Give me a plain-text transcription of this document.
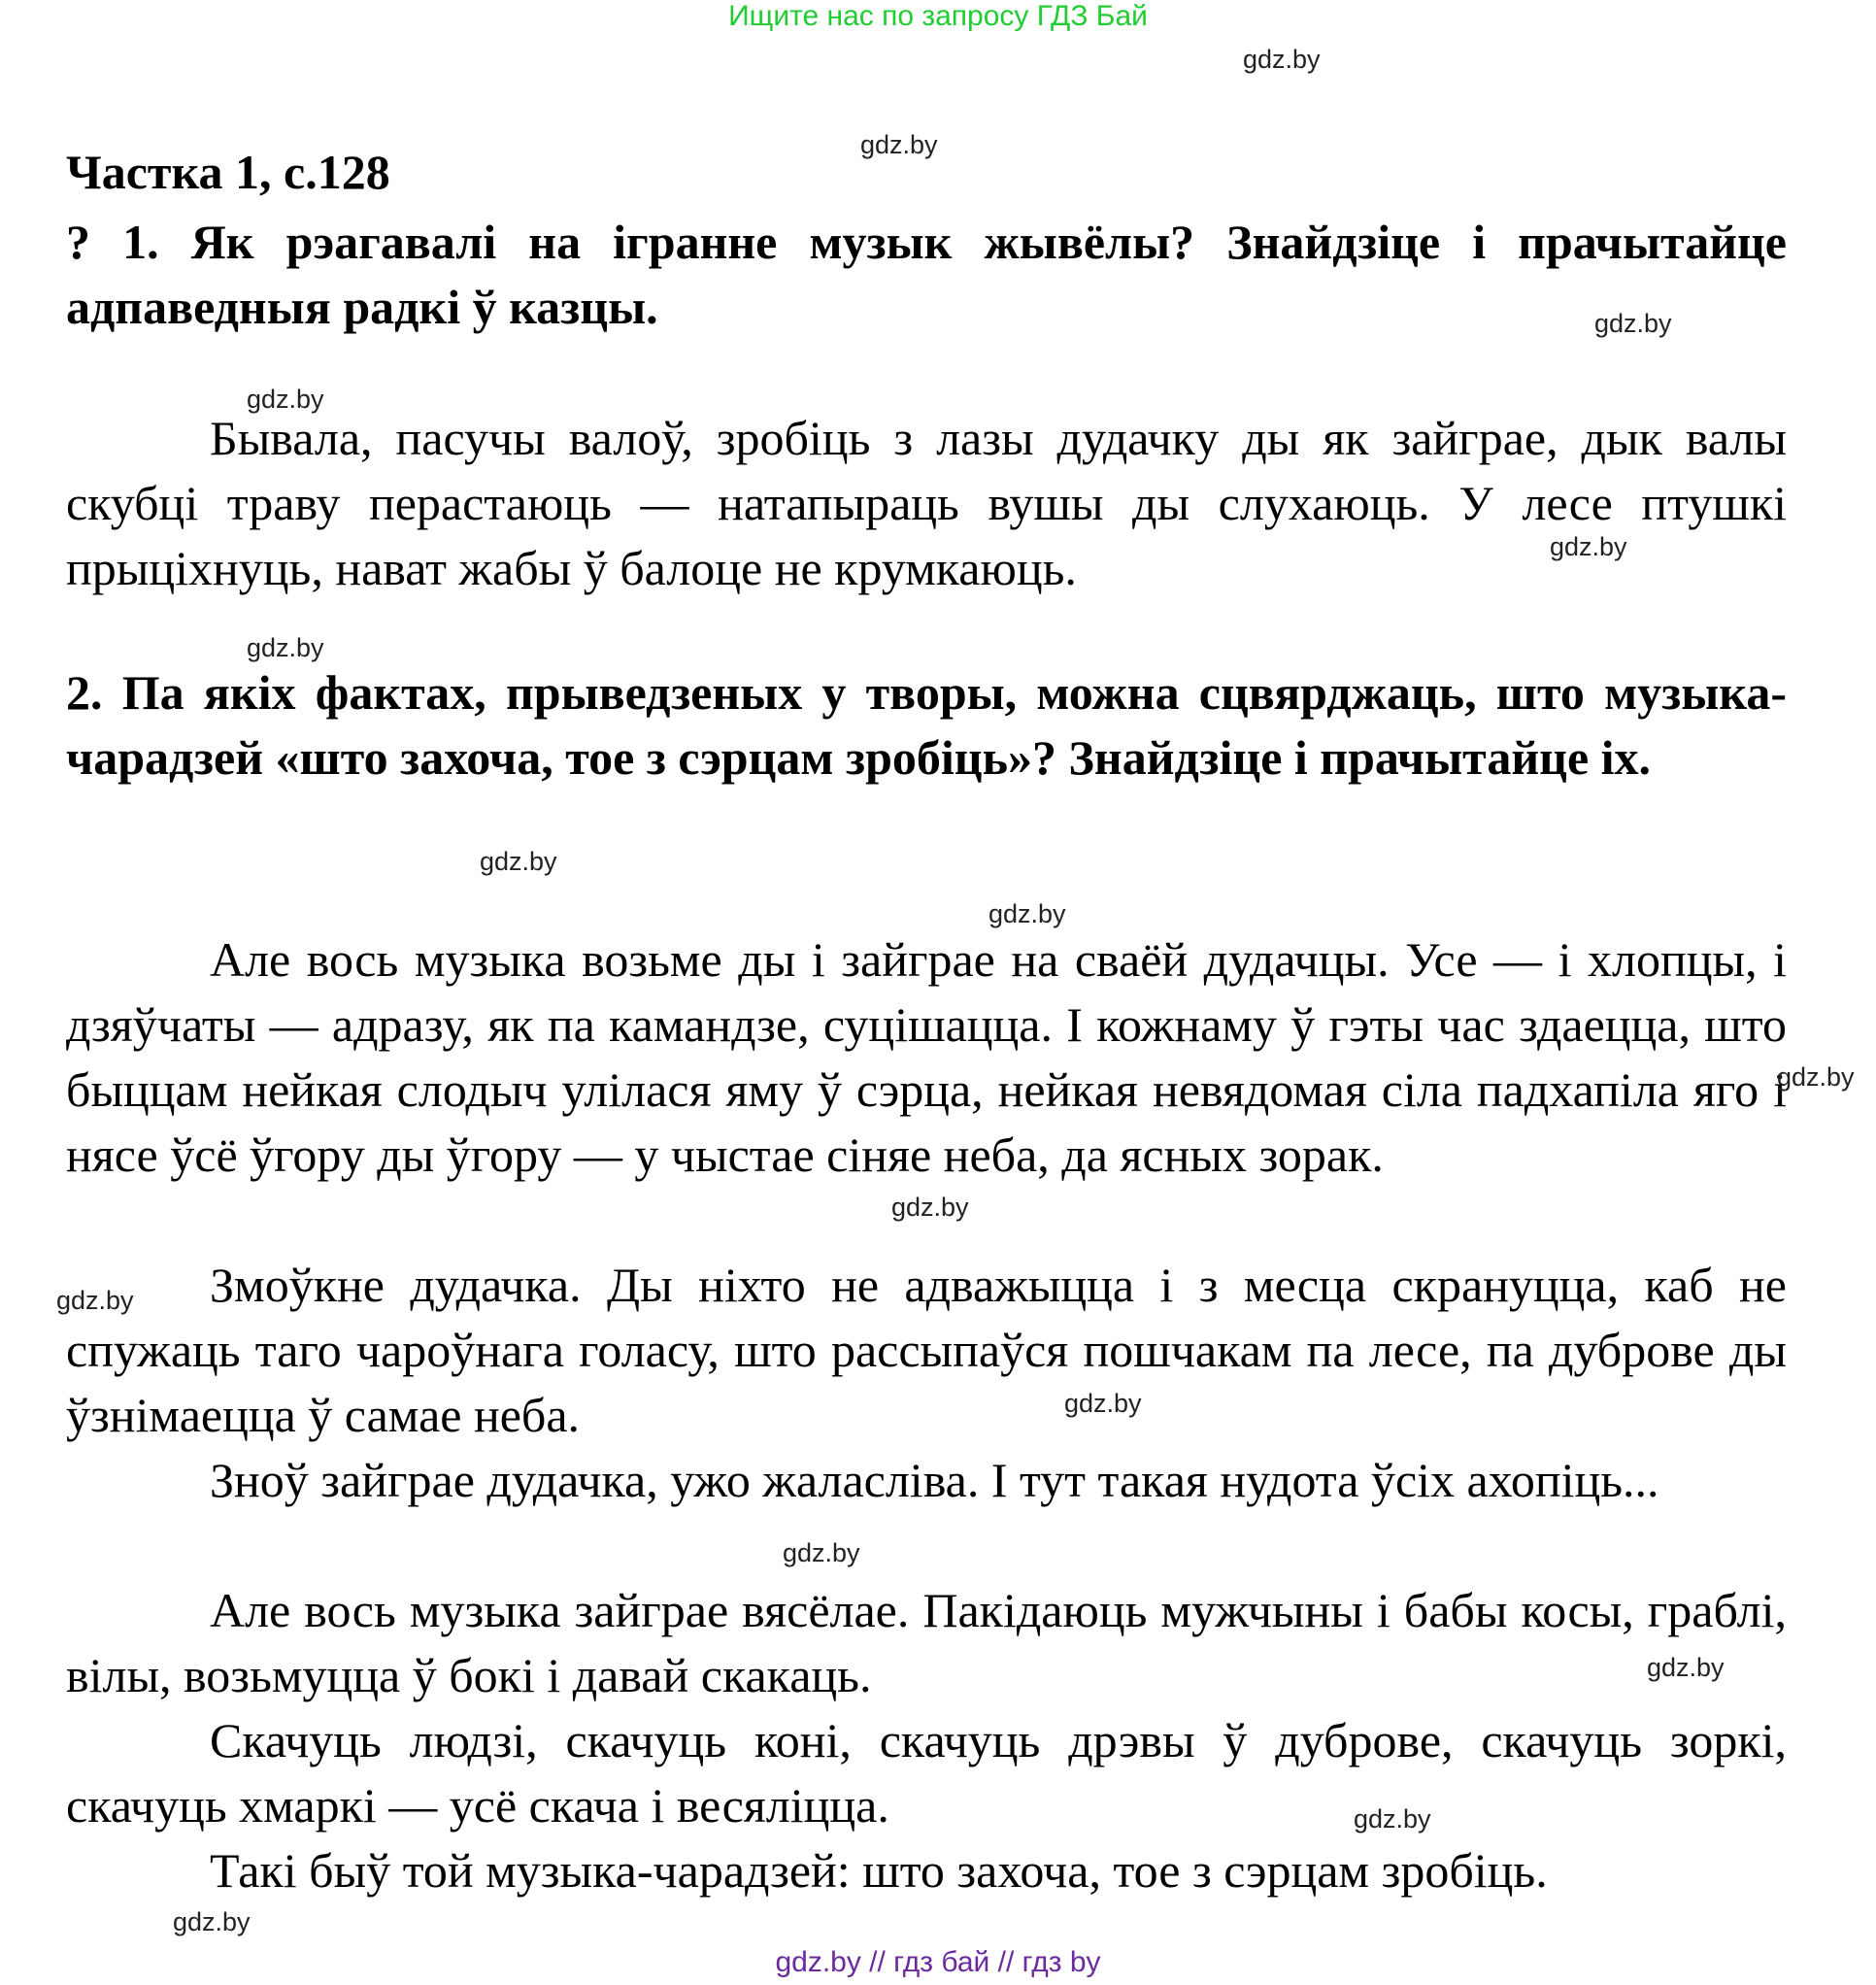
Ищите нас по запросу ГДЗ Бай
Частка 1, с.128
? 1. Як рэагавалі на іграннe музык жывёлы? Знайдзіце і прачытайце адпаведныя радкі ў казцы.
Бывала, пасучы валоў, зробіць з лазы дудачку ды як зайграе, дык валы скубці траву перастаюць — натапыраць вушы ды слухаюць. У лесе птушкі прыціхнуць, нават жабы ў балоце не крумкаюць.
2. Па якіх фактах, прыведзеных у творы, можна сцвярджаць, што музыка-чарадзей «што захоча, тое з сэрцам зробіць»? Знайдзіце і прачытайце іх.
Але вось музыка возьме ды і зайграе на сваёй дудачцы. Усе — і хлопцы, і дзяўчаты — адразу, як па камандзе, суцішацца. І кожнаму ў гэты час здаецца, што быццам нейкая слодыч улілася яму ў сэрца, нейкая невядомая сіла падхапіла яго і нясе ўсё ўгору ды ўгору — у чыстае сіняе неба, да ясных зорак.
Змоўкне дудачка. Ды ніхто не адважыцца і з месца скрануцца, каб не спужаць таго чароўнага голасу, што рассыпаўся пошчакам па лесе, па дуброве ды ўзнімаецца ў самае неба.
Зноў зайграе дудачка, ужо жаласліва. І тут такая нудота ўсіх ахопіць...
Але вось музыка зайграе вясёлае. Пакідаюць мужчыны і бабы косы, граблі, вілы, возьмуцца ў бокі і давай скакаць.
Скачуць людзі, скачуць коні, скачуць дрэвы ў дуброве, скачуць зоркі, скачуць хмаркі — усё скача і весяліцца.
Такі быў той музыка-чарадзей: што захоча, тое з сэрцам зробіць.
gdz.by
gdz.by
gdz.by
gdz.by
gdz.by
gdz.by
gdz.by
gdz.by
gdz.by
gdz.by
gdz.by
gdz.by
gdz.by
gdz.by
gdz.by
gdz.by
gdz.by // гдз бай // гдз by
